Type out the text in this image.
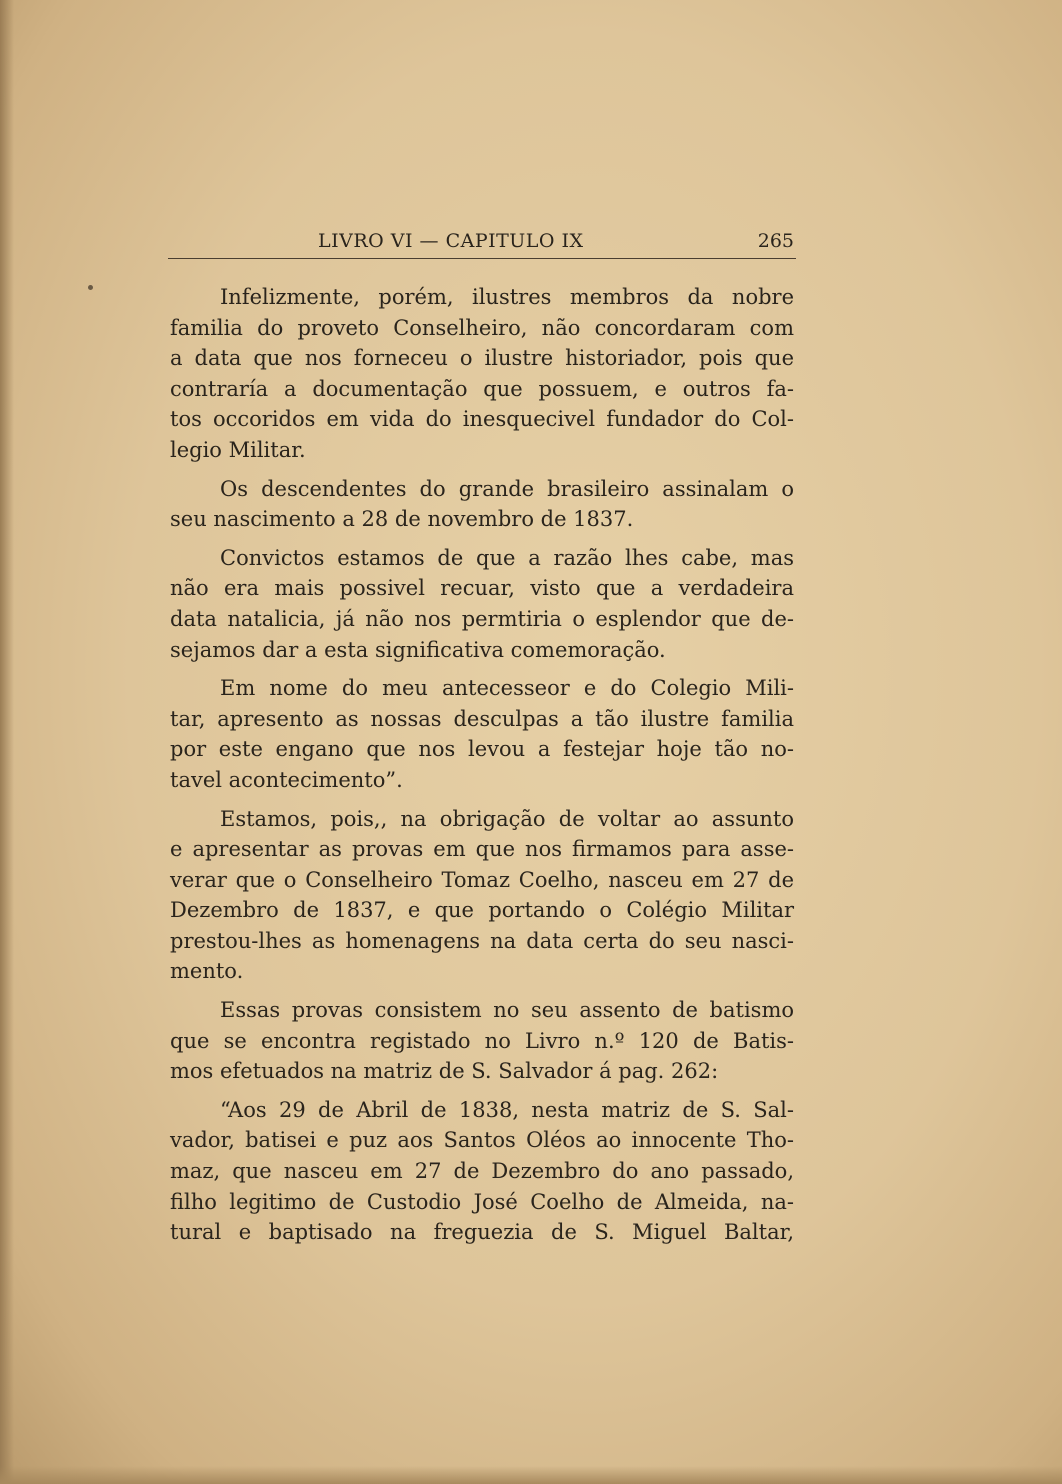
LIVRO VI — CAPITULO IX	265

Infelizmente, porém, ilustres membros da nobre
familia do proveto Conselheiro, não concordaram com
a data que nos forneceu o ilustre historiador, pois que
contraría a documentação que possuem, e outros fa-
tos occoridos em vida do inesquecivel fundador do Col-
legio Militar.

Os descendentes do grande brasileiro assinalam o
seu nascimento a 28 de novembro de 1837.

Convictos estamos de que a razão lhes cabe, mas
não era mais possivel recuar, visto que a verdadeira
data natalicia, já não nos permtiria o esplendor que de-
sejamos dar a esta significativa comemoração.

Em nome do meu antecesseor e do Colegio Mili-
tar, apresento as nossas desculpas a tão ilustre familia
por este engano que nos levou a festejar hoje tão no-
tavel acontecimento”.

Estamos, pois,, na obrigação de voltar ao assunto
e apresentar as provas em que nos firmamos para asse-
verar que o Conselheiro Tomaz Coelho, nasceu em 27 de
Dezembro de 1837, e que portando o Colégio Militar
prestou-lhes as homenagens na data certa do seu nasci-
mento.

Essas provas consistem no seu assento de batismo
que se encontra registado no Livro n.º 120 de Batis-
mos efetuados na matriz de S. Salvador á pag. 262:

“Aos 29 de Abril de 1838, nesta matriz de S. Sal-
vador, batisei e puz aos Santos Oléos ao innocente Tho-
maz, que nasceu em 27 de Dezembro do ano passado,
filho legitimo de Custodio José Coelho de Almeida, na-
tural e baptisado na freguezia de S. Miguel Baltar,
